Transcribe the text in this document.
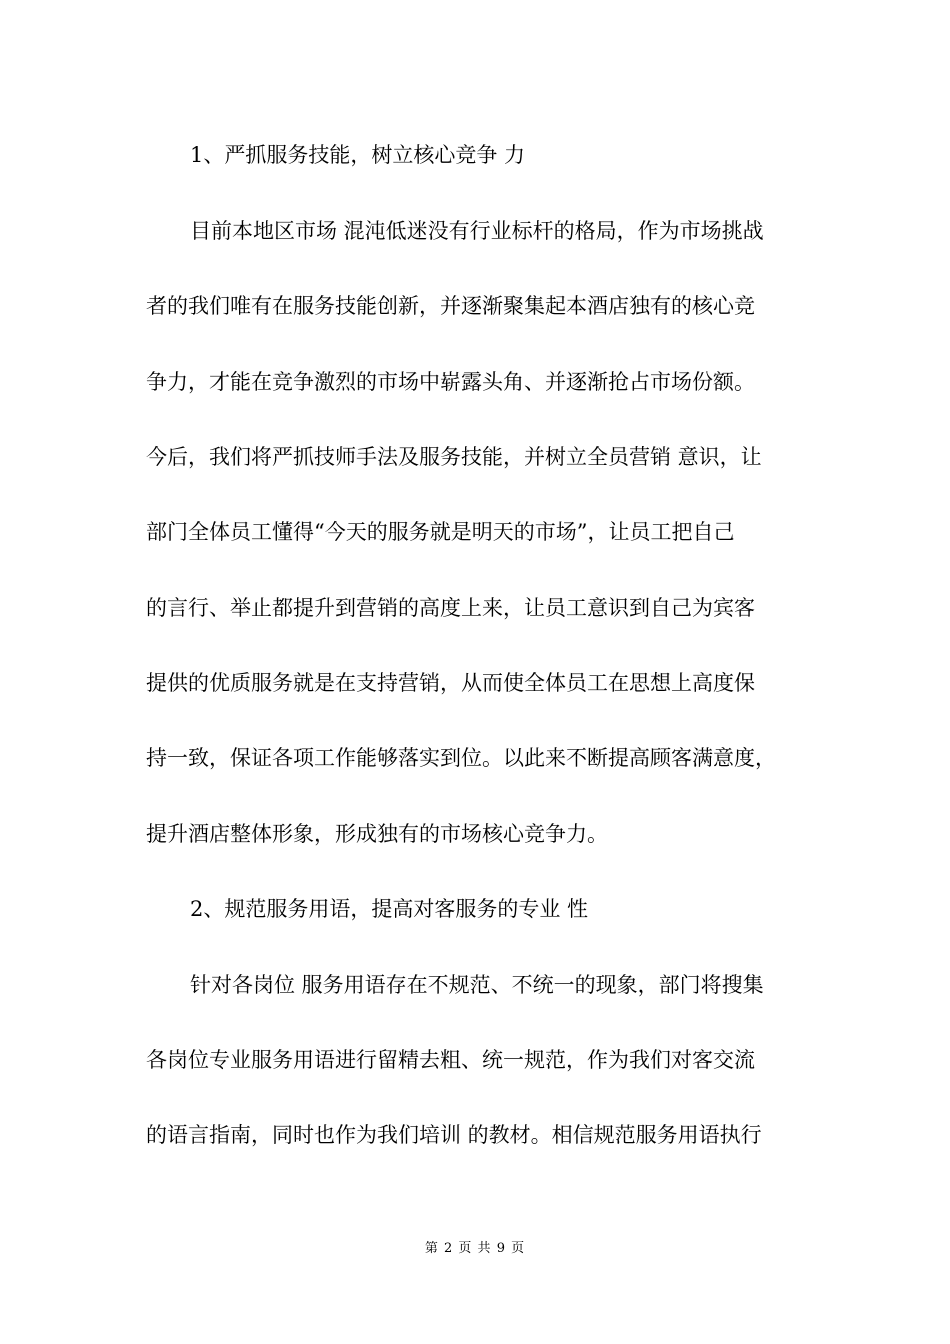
1、严抓服务技能，树立核心竞争 力
目前本地区市场 混沌低迷没有行业标杆的格局，作为市场挑战
者的我们唯有在服务技能创新，并逐渐聚集起本酒店独有的核心竞
争力，才能在竞争激烈的市场中崭露头角、并逐渐抢占市场份额。
今后，我们将严抓技师手法及服务技能，并树立全员营销 意识，让
部门全体员工懂得“今天的服务就是明天的市场”，让员工把自己
的言行、举止都提升到营销的高度上来，让员工意识到自己为宾客
提供的优质服务就是在支持营销，从而使全体员工在思想上高度保
持一致，保证各项工作能够落实到位。以此来不断提高顾客满意度，
提升酒店整体形象，形成独有的市场核心竞争力。
2、规范服务用语，提高对客服务的专业 性
针对各岗位 服务用语存在不规范、不统一的现象，部门将搜集
各岗位专业服务用语进行留精去粗、统一规范，作为我们对客交流
的语言指南，同时也作为我们培训 的教材。相信规范服务用语执行
第 2 页 共 9 页
